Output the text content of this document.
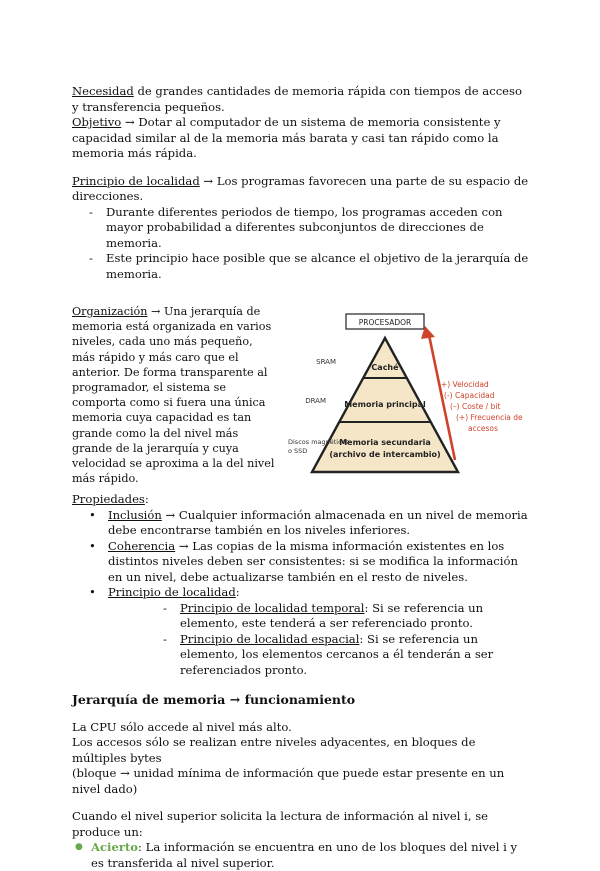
Necesidad de grandes cantidades de memoria rápida con tiempos de acceso y transferencia pequeños.
Objetivo → Dotar al computador de un sistema de memoria consistente y capacidad similar al de la memoria más barata y casi tan rápido como la memoria más rápida.

Principio de localidad → Los programas favorecen una parte de su espacio de direcciones.

- Durante diferentes periodos de tiempo, los programas acceden con mayor probabilidad a diferentes subconjuntos de direcciones de memoria.
- Este principio hace posible que se alcance el objetivo de la jerarquía de memoria.

Organización → Una jerarquía de memoria está organizada en varios niveles, cada uno más pequeño, más rápido y más caro que el anterior. De forma transparente al programador, el sistema se comporta como si fuera una única memoria cuya capacidad es tan grande como la del nivel más grande de la jerarquía y cuya velocidad se aproxima a la del nivel más rápido.

PROCESADOR
Caché
Memoria principal
Memoria secundaria
(archivo de intercambio)
SRAM
DRAM
Discos magnéticos
o SSD
(+) Velocidad
(-) Capacidad
(–) Coste / bit
(+) Frecuencia de
accesos

Propiedades:

• Inclusión → Cualquier información almacenada en un nivel de memoria debe encontrarse también en los niveles inferiores.
• Coherencia → Las copias de la misma información existentes en los distintos niveles deben ser consistentes: si se modifica la información en un nivel, debe actualizarse también en el resto de niveles.
• Principio de localidad:
- Principio de localidad temporal: Si se referencia un elemento, este tenderá a ser referenciado pronto.
- Principio de localidad espacial: Si se referencia un elemento, los elementos cercanos a él tenderán a ser referenciados pronto.
Jerarquía de memoria → funcionamiento

La CPU sólo accede al nivel más alto.
Los accesos sólo se realizan entre niveles adyacentes, en bloques de múltiples bytes
(bloque → unidad mínima de información que puede estar presente en un nivel dado)

Cuando el nivel superior solicita la lectura de información al nivel i, se produce un:

● Acierto: La información se encuentra en uno de los bloques del nivel i y es transferida al nivel superior.
